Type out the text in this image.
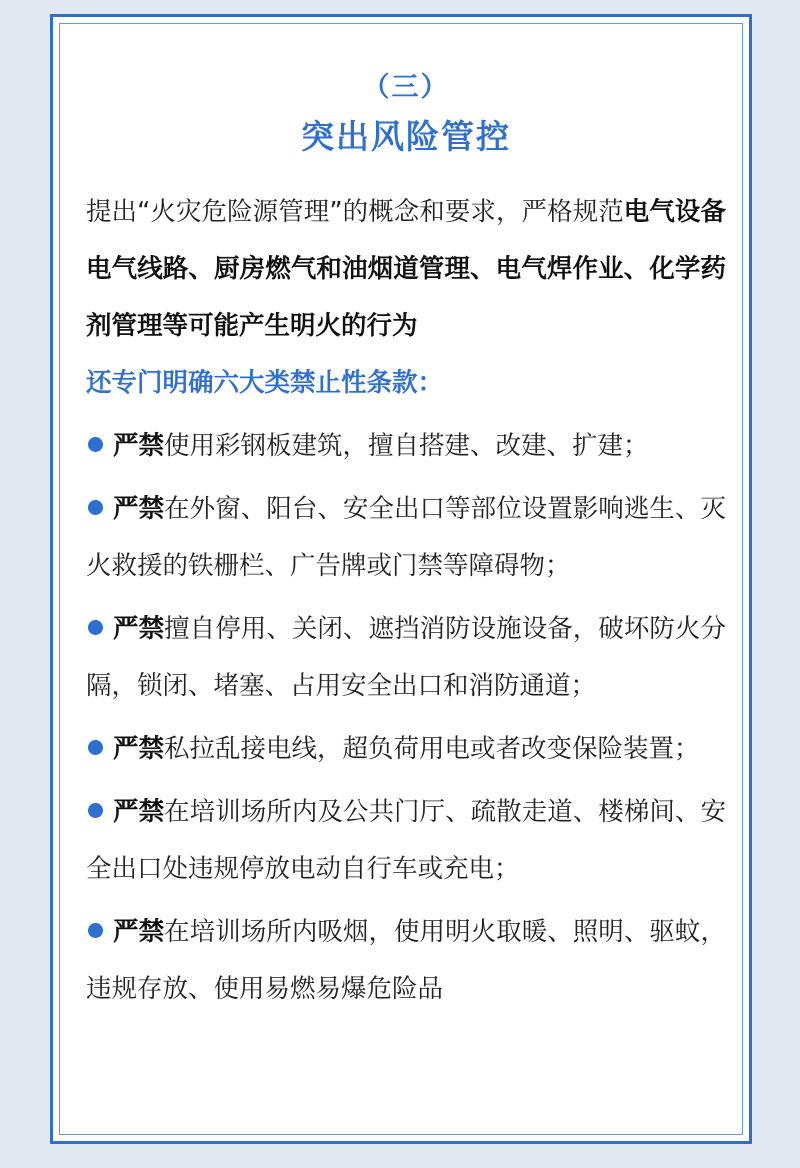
（三）
突出风险管控
提出“火灾危险源管理”的概念和要求，严格规范电气设备电气线路、厨房燃气和油烟道管理、电气焊作业、化学药剂管理等可能产生明火的行为
还专门明确六大类禁止性条款：
严禁使用彩钢板建筑，擅自搭建、改建、扩建；
严禁在外窗、阳台、安全出口等部位设置影响逃生、灭火救援的铁栅栏、广告牌或门禁等障碍物；
严禁擅自停用、关闭、遮挡消防设施设备，破坏防火分隔，锁闭、堵塞、占用安全出口和消防通道；
严禁私拉乱接电线，超负荷用电或者改变保险装置；
严禁在培训场所内及公共门厅、疏散走道、楼梯间、安全出口处违规停放电动自行车或充电；
严禁在培训场所内吸烟，使用明火取暖、照明、驱蚊，违规存放、使用易燃易爆危险品
